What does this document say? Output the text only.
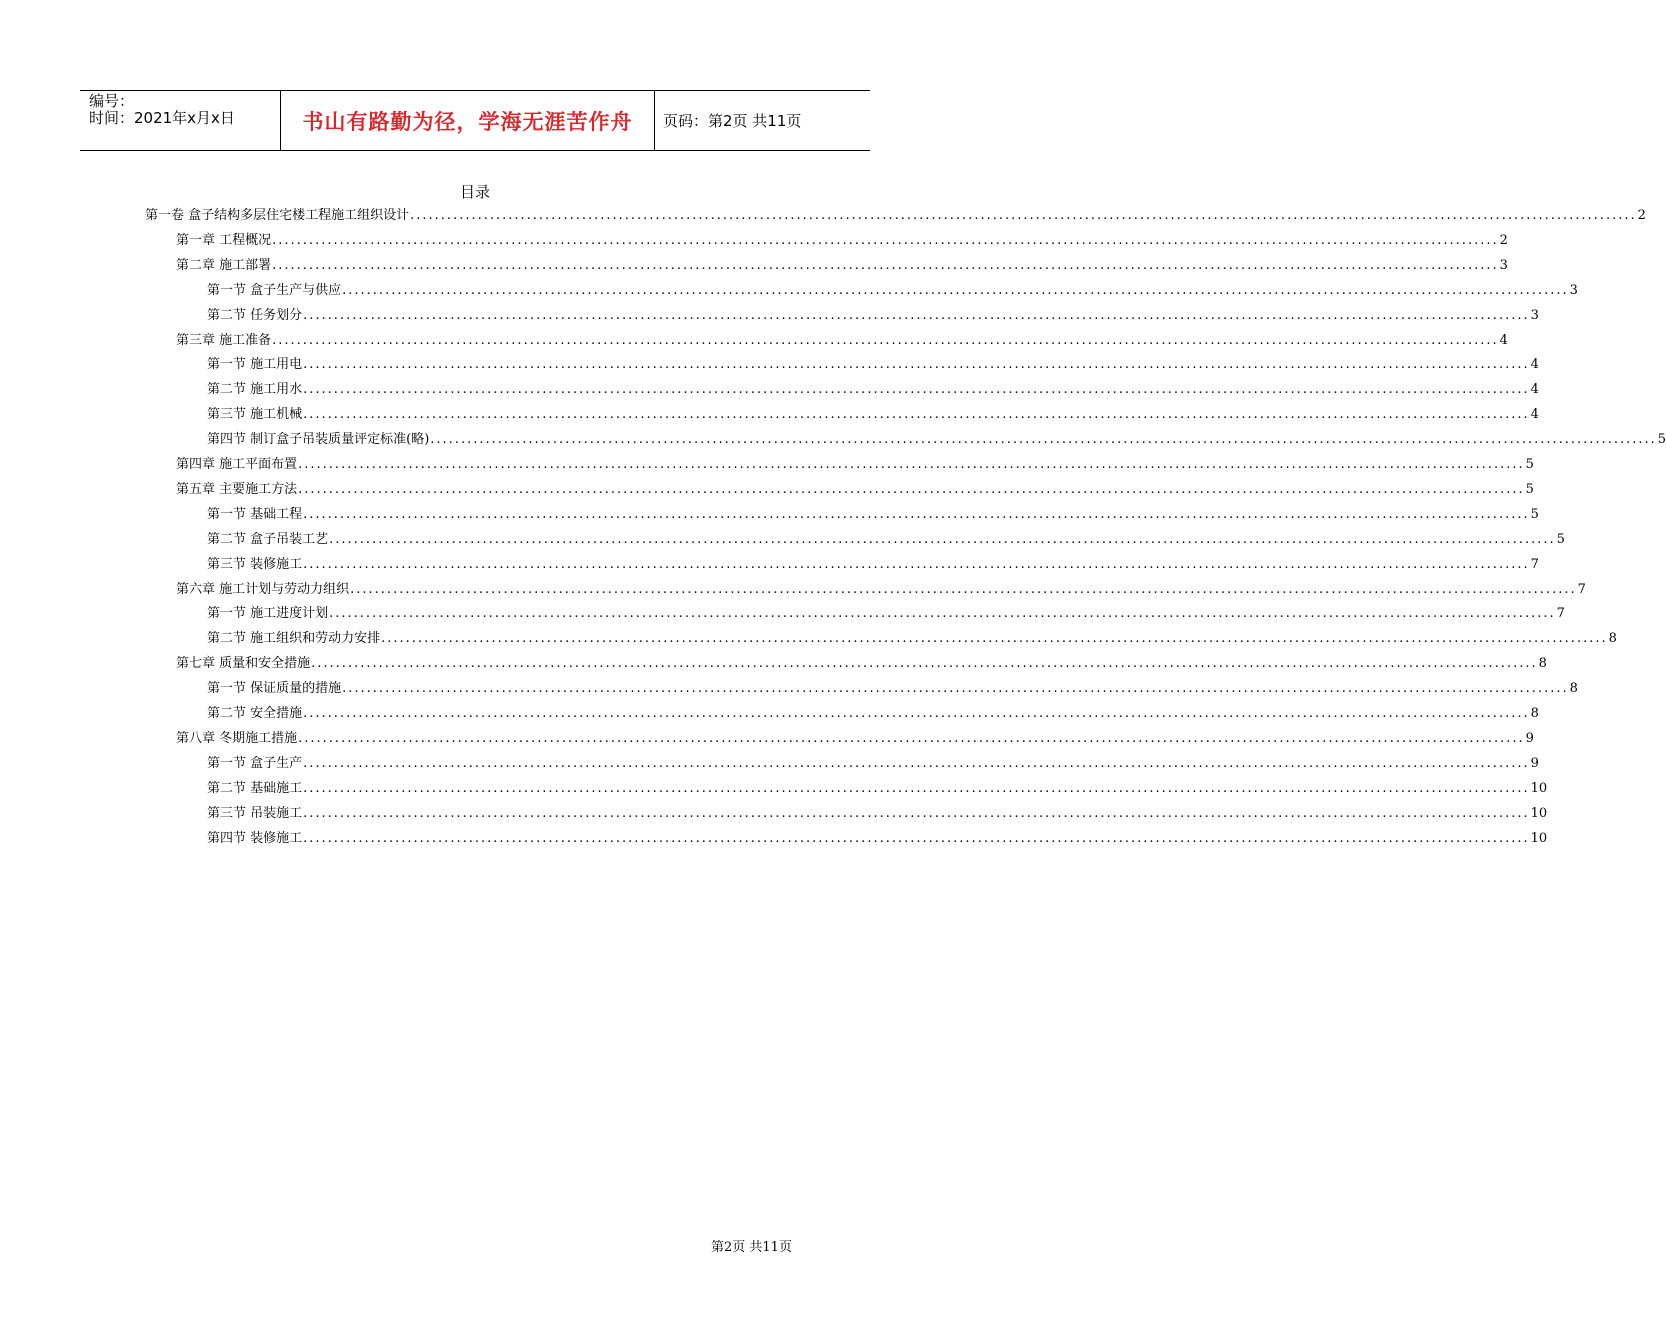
编号：
时间：2021年x月x日	书山有路勤为径，学海无涯苦作舟	页码：第2页 共11页
目录
第一卷 盒子结构多层住宅楼工程施工组织设计 ........................................................................................................................................................................................................ 2
第一章 工程概况 ........................................................................................................................................................................................................ 2
第二章 施工部署 ........................................................................................................................................................................................................ 3
第一节 盒子生产与供应 ........................................................................................................................................................................................................ 3
第二节 任务划分 ........................................................................................................................................................................................................ 3
第三章 施工准备 ........................................................................................................................................................................................................ 4
第一节 施工用电 ........................................................................................................................................................................................................ 4
第二节 施工用水 ........................................................................................................................................................................................................ 4
第三节 施工机械 ........................................................................................................................................................................................................ 4
第四节 制订盒子吊装质量评定标准(略) ........................................................................................................................................................................................................ 5
第四章 施工平面布置 ........................................................................................................................................................................................................ 5
第五章 主要施工方法 ........................................................................................................................................................................................................ 5
第一节 基础工程 ........................................................................................................................................................................................................ 5
第二节 盒子吊装工艺 ........................................................................................................................................................................................................ 5
第三节 装修施工 ........................................................................................................................................................................................................ 7
第六章 施工计划与劳动力组织 ........................................................................................................................................................................................................ 7
第一节 施工进度计划 ........................................................................................................................................................................................................ 7
第二节 施工组织和劳动力安排 ........................................................................................................................................................................................................ 8
第七章 质量和安全措施 ........................................................................................................................................................................................................ 8
第一节 保证质量的措施 ........................................................................................................................................................................................................ 8
第二节 安全措施 ........................................................................................................................................................................................................ 8
第八章 冬期施工措施 ........................................................................................................................................................................................................ 9
第一节 盒子生产 ........................................................................................................................................................................................................ 9
第二节 基础施工 ........................................................................................................................................................................................................ 10
第三节 吊装施工 ........................................................................................................................................................................................................ 10
第四节 装修施工 ........................................................................................................................................................................................................ 10
第2页 共11页
